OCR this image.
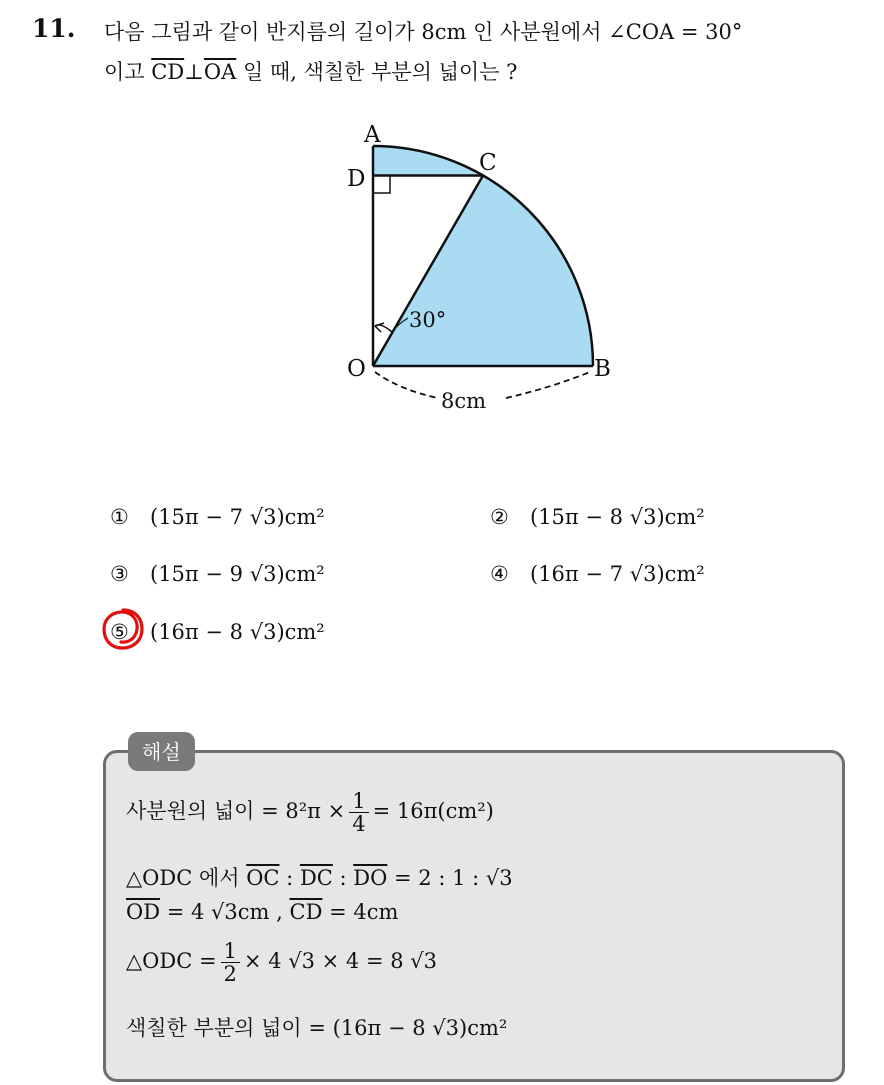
11. 다음 그림과 같이 반지름의 길이가 8cm 인 사분원에서 ∠COA = 30°
이고 $\overline{CD}\perp\overline{OA}$ 일 때, 색칠한 부분의 넓이는 ?
A
D
C
O	B
30°
8cm
① (15π − 7 √3)cm²	② (15π − 8 √3)cm²
③ (15π − 9 √3)cm²	④ (16π − 7 √3)cm²
⑤ (16π − 8 √3)cm²
해설
사분원의 넓이 = $8^2\pi \times \frac{1}{4} = 16\pi(cm^2)$
△ODC 에서 $\overline{OC}$ : $\overline{DC}$ : $\overline{DO} = 2$ : 1 : √3
$\overline{OD} = 4$ √3cm , $\overline{CD} = 4cm$
△ODC = $\frac{1}{2} \times 4$ √3 × 4 = 8 √3
색칠한 부분의 넓이 = (16π − 8 √3)cm²
